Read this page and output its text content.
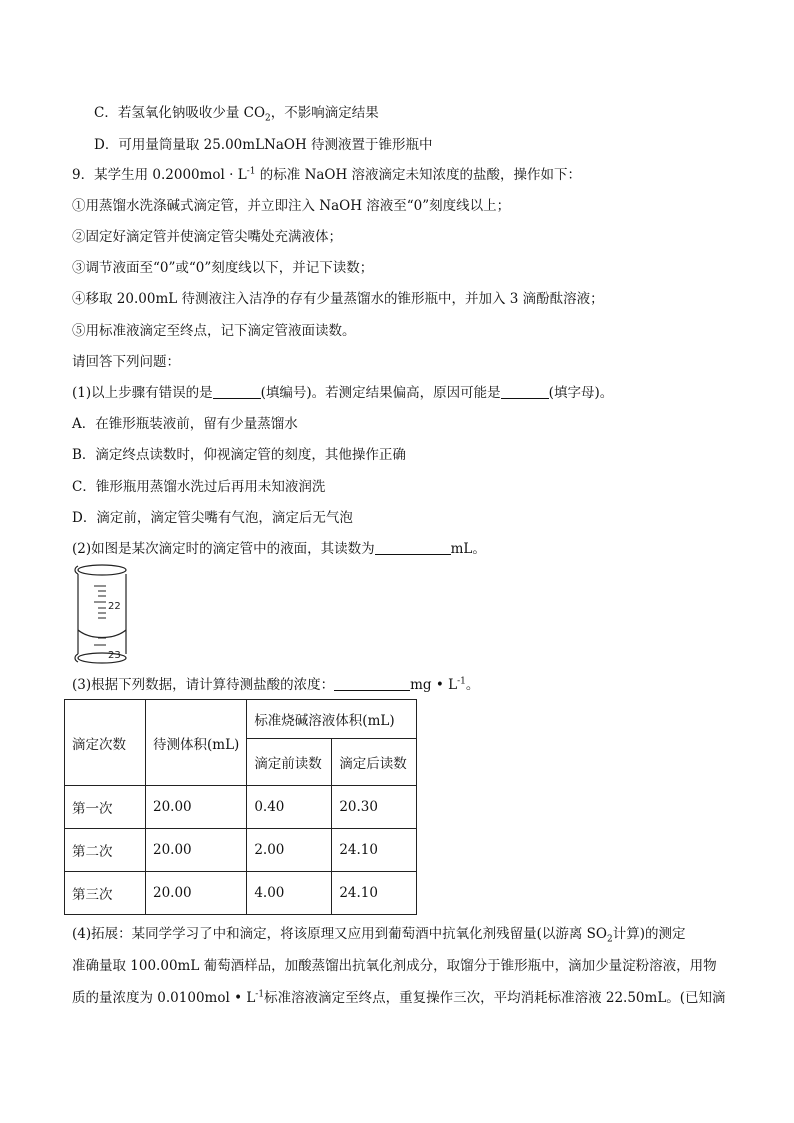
C．若氢氧化钠吸收少量 $CO_2$，不影响滴定结果
D．可用量筒量取 25.00mLNaOH 待测液置于锥形瓶中
9．某学生用 $0.2000mol \cdot L^{-1}$ 的标准 NaOH 溶液滴定未知浓度的盐酸，操作如下：
①用蒸馏水洗涤碱式滴定管，并立即注入 NaOH 溶液至“0”刻度线以上；
②固定好滴定管并使滴定管尖嘴处充满液体；
③调节液面至“0”或“0”刻度线以下，并记下读数；
④移取 20.00mL 待测液注入洁净的存有少量蒸馏水的锥形瓶中，并加入 3 滴酚酞溶液；
⑤用标准液滴定至终点，记下滴定管液面读数。
请回答下列问题：
(1)以上步骤有错误的是	(填编号)。若测定结果偏高，原因可能是	(填字母)。
A．在锥形瓶装液前，留有少量蒸馏水
B．滴定终点读数时，仰视滴定管的刻度，其他操作正确
C．锥形瓶用蒸馏水洗过后再用未知液润洗
D．滴定前，滴定管尖嘴有气泡，滴定后无气泡
(2)如图是某次滴定时的滴定管中的液面，其读数为	mL。
22
23
(3)根据下列数据，请计算待测盐酸的浓度：	mg • $L^{-1}$。
滴定次数	待测体积(mL)	标准烧碱溶液体积(mL)	
		滴定前读数	滴定后读数
第一次	20.00	0.40	20.30
第二次	20.00	2.00	24.10
第三次	20.00	4.00	24.10
(4)拓展：某同学学习了中和滴定，将该原理又应用到葡萄酒中抗氧化剂残留量(以游离 $SO_2$计算)的测定
准确量取 100.00mL 葡萄酒样品，加酸蒸馏出抗氧化剂成分，取馏分于锥形瓶中，滴加少量淀粉溶液，用物
质的量浓度为 0.0100mol • $L^{-1}$标准溶液滴定至终点，重复操作三次，平均消耗标准溶液 22.50mL。(已知滴
